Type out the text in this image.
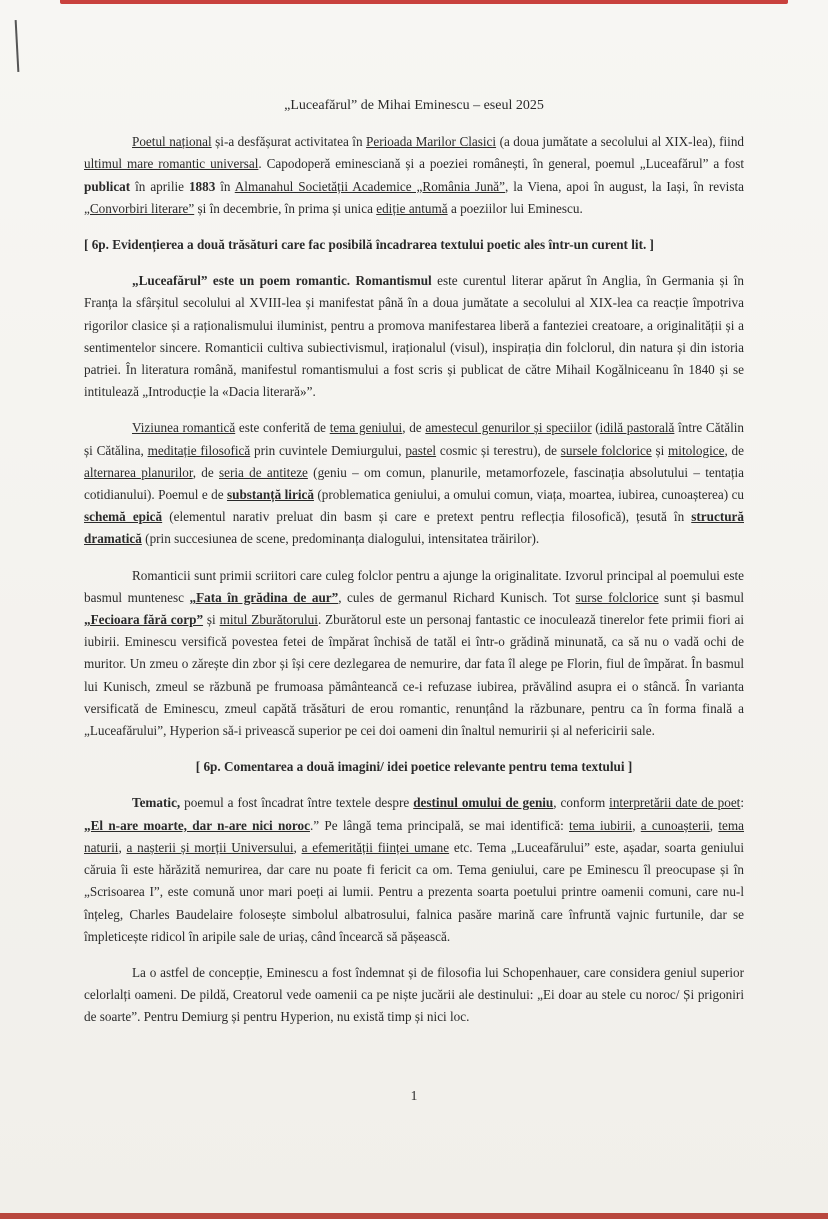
„Luceafărul” de Mihai Eminescu – eseul 2025

Poetul național și-a desfășurat activitatea în Perioada Marilor Clasici (a doua jumătate a secolului al XIX-lea), fiind ultimul mare romantic universal. Capodoperă eminesciană și a poeziei românești, în general, poemul „Luceafărul” a fost publicat în aprilie 1883 în Almanahul Societății Academice „România Jună”, la Viena, apoi în august, la Iași, în revista „Convorbiri literare” și în decembrie, în prima și unica ediție antumă a poeziilor lui Eminescu.

[ 6p. Evidențierea a două trăsături care fac posibilă încadrarea textului poetic ales într-un curent lit. ]

„Luceafărul” este un poem romantic. Romantismul este curentul literar apărut în Anglia, în Germania și în Franța la sfârșitul secolului al XVIII-lea și manifestat până în a doua jumătate a secolului al XIX-lea ca reacție împotriva rigorilor clasice și a raționalismului iluminist, pentru a promova manifestarea liberă a fanteziei creatoare, a originalității și a sentimentelor sincere. Romanticii cultiva subiectivismul, iraționalul (visul), inspirația din folclorul, din natura și din istoria patriei. În literatura română, manifestul romantismului a fost scris și publicat de către Mihail Kogălniceanu în 1840 și se intitulează „Introducție la «Dacia literară»”.

Viziunea romantică este conferită de tema geniului, de amestecul genurilor și speciilor (idilă pastorală între Cătălin și Cătălina, meditație filosofică prin cuvintele Demiurgului, pastel cosmic și terestru), de sursele folclorice și mitologice, de alternarea planurilor, de seria de antiteze (geniu – om comun, planurile, metamorfozele, fascinația absolutului – tentația cotidianului). Poemul e de substanță lirică (problematica geniului, a omului comun, viața, moartea, iubirea, cunoașterea) cu schemă epică (elementul narativ preluat din basm și care e pretext pentru reflecția filosofică), țesută în structură dramatică (prin succesiunea de scene, predominanța dialogului, intensitatea trăirilor).

Romanticii sunt primii scriitori care culeg folclor pentru a ajunge la originalitate. Izvorul principal al poemului este basmul muntenesc „Fata în grădina de aur”, cules de germanul Richard Kunisch. Tot surse folclorice sunt și basmul „Fecioara fără corp” și mitul Zburătorului. Zburătorul este un personaj fantastic ce inoculează tinerelor fete primii fiori ai iubirii. Eminescu versifică povestea fetei de împărat închisă de tatăl ei într-o grădină minunată, ca să nu o vadă ochi de muritor. Un zmeu o zărește din zbor și își cere dezlegarea de nemurire, dar fata îl alege pe Florin, fiul de împărat. În basmul lui Kunisch, zmeul se răzbună pe frumoasa pământeancă ce-i refuzase iubirea, prăvălind asupra ei o stâncă. În varianta versificată de Eminescu, zmeul capătă trăsături de erou romantic, renunțând la răzbunare, pentru ca în forma finală a „Luceafărului”, Hyperion să-i privească superior pe cei doi oameni din înaltul nemuririi și al nefericirii sale.

[ 6p. Comentarea a două imagini/ idei poetice relevante pentru tema textului ]

Tematic, poemul a fost încadrat între textele despre destinul omului de geniu, conform interpretării date de poet: „El n-are moarte, dar n-are nici noroc.” Pe lângă tema principală, se mai identifică: tema iubirii, a cunoașterii, tema naturii, a nașterii și morții Universului, a efemerității ființei umane etc. Tema „Luceafărului” este, așadar, soarta geniului căruia îi este hărăzită nemurirea, dar care nu poate fi fericit ca om. Tema geniului, care pe Eminescu îl preocupase și în „Scrisoarea I”, este comună unor mari poeți ai lumii. Pentru a prezenta soarta poetului printre oamenii comuni, care nu-l înțeleg, Charles Baudelaire folosește simbolul albatrosului, falnica pasăre marină care înfruntă vajnic furtunile, dar se împleticește ridicol în aripile sale de uriaș, când încearcă să pășească.

La o astfel de concepție, Eminescu a fost îndemnat și de filosofia lui Schopenhauer, care considera geniul superior celorlalți oameni. De pildă, Creatorul vede oamenii ca pe niște jucării ale destinului: „Ei doar au stele cu noroc/ Și prigoniri de soarte”. Pentru Demiurg și pentru Hyperion, nu există timp și nici loc.

1
